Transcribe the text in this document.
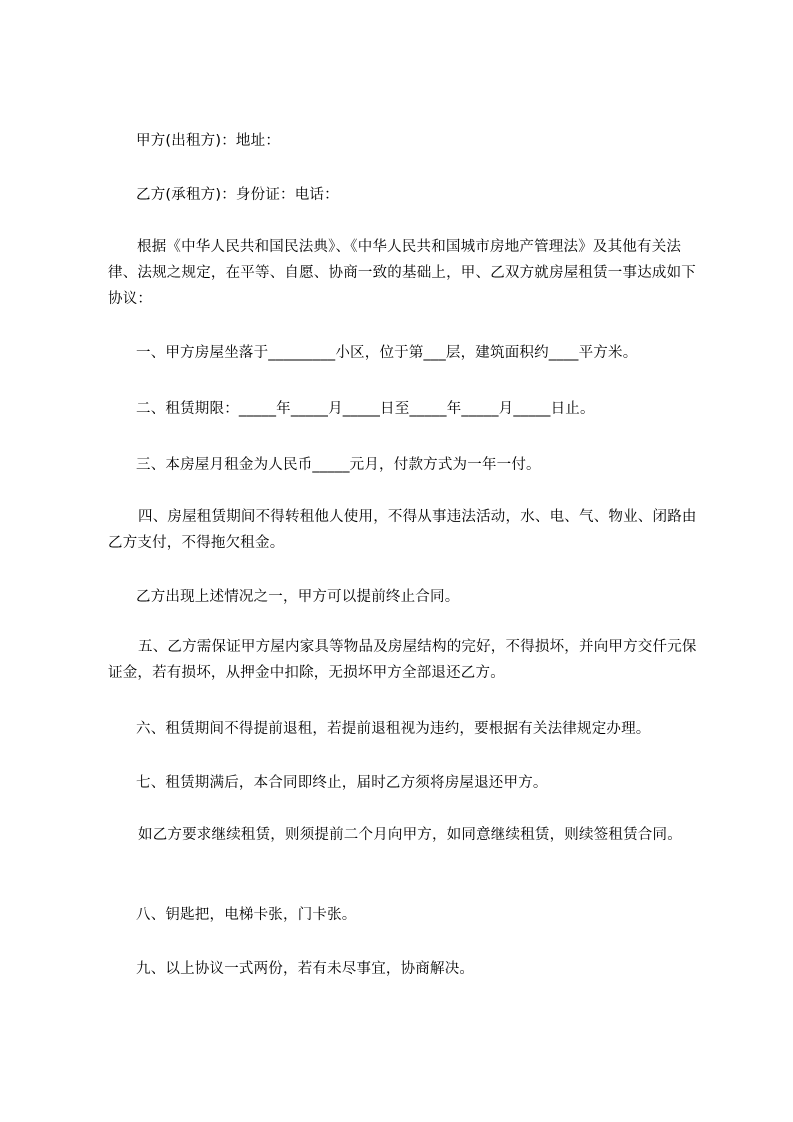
甲方(出租方)：地址：
乙方(承租方)：身份证：电话：
根据《中华人民共和国民法典》、《中华人民共和国城市房地产管理法》及其他有关法律、法规之规定，在平等、自愿、协商一致的基础上，甲、乙双方就房屋租赁一事达成如下协议：
一、甲方房屋坐落于_________小区，位于第___层，建筑面积约____平方米。
二、租赁期限：_____年_____月_____日至_____年_____月_____日止。
三、本房屋月租金为人民币_____元月，付款方式为一年一付。
四、房屋租赁期间不得转租他人使用，不得从事违法活动，水、电、气、物业、闭路由乙方支付，不得拖欠租金。
乙方出现上述情况之一，甲方可以提前终止合同。
五、乙方需保证甲方屋内家具等物品及房屋结构的完好，不得损坏，并向甲方交仟元保证金，若有损坏，从押金中扣除，无损坏甲方全部退还乙方。
六、租赁期间不得提前退租，若提前退租视为违约，要根据有关法律规定办理。
七、租赁期满后，本合同即终止，届时乙方须将房屋退还甲方。
如乙方要求继续租赁，则须提前二个月向甲方，如同意继续租赁，则续签租赁合同。
八、钥匙把，电梯卡张，门卡张。
九、以上协议一式两份，若有未尽事宜，协商解决。
